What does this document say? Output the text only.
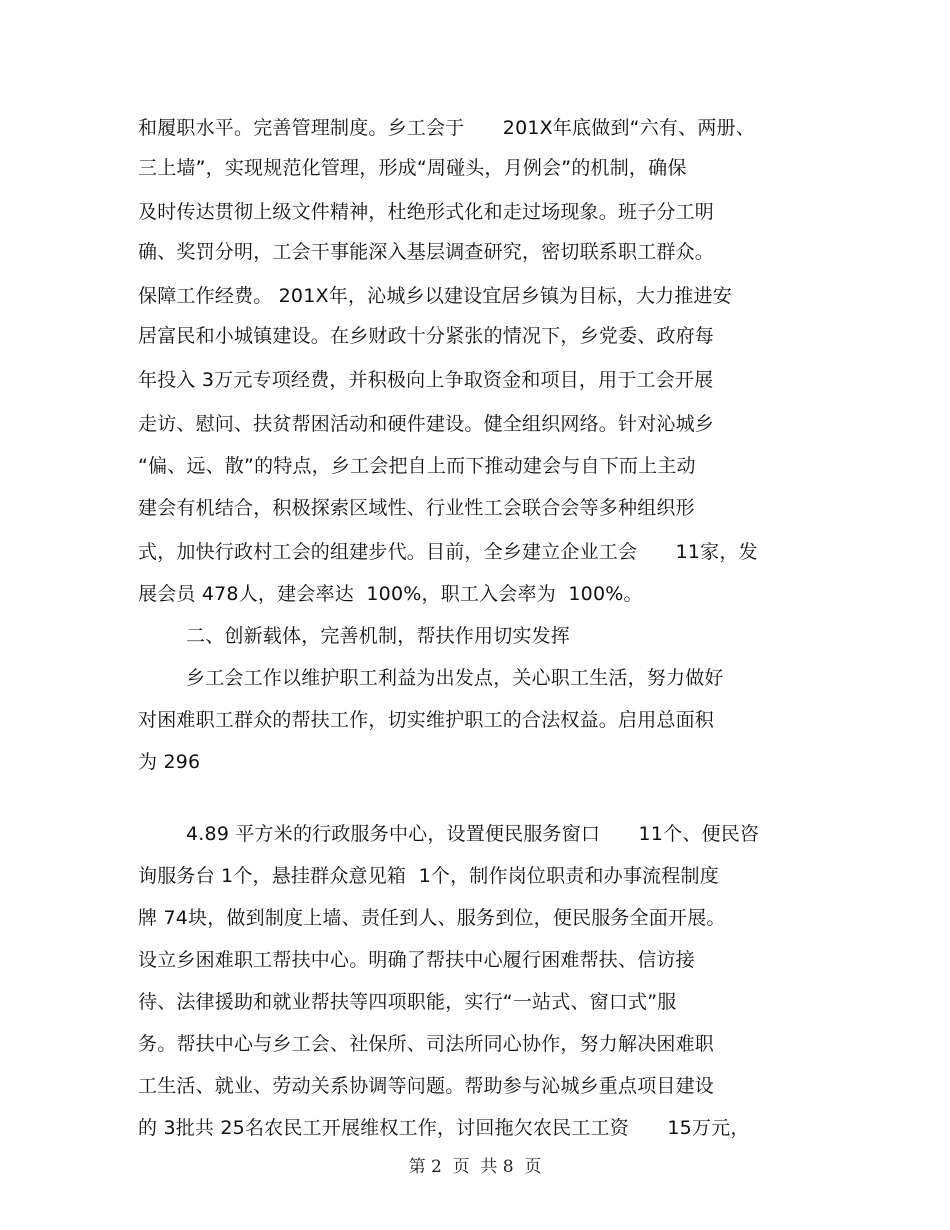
和履职水平。完善管理制度。乡工会于　　201X年底做到“六有、两册、
三上墙”，实现规范化管理，形成“周碰头，月例会”的机制，确保
及时传达贯彻上级文件精神，杜绝形式化和走过场现象。班子分工明
确、奖罚分明，工会干事能深入基层调查研究，密切联系职工群众。
保障工作经费。 201X年，沁城乡以建设宜居乡镇为目标，大力推进安
居富民和小城镇建设。在乡财政十分紧张的情况下，乡党委、政府每
年投入 3万元专项经费，并积极向上争取资金和项目，用于工会开展
走访、慰问、扶贫帮困活动和硬件建设。健全组织网络。针对沁城乡
“偏、远、散”的特点，乡工会把自上而下推动建会与自下而上主动
建会有机结合，积极探索区域性、行业性工会联合会等多种组织形
式，加快行政村工会的组建步代。目前，全乡建立企业工会　　11家，发
展会员 478人，建会率达  100%，职工入会率为  100%。
二、创新载体，完善机制，帮扶作用切实发挥
乡工会工作以维护职工利益为出发点，关心职工生活，努力做好
对困难职工群众的帮扶工作，切实维护职工的合法权益。启用总面积
为 296
4.89 平方米的行政服务中心，设置便民服务窗口　　11个、便民咨
询服务台 1个，悬挂群众意见箱  1个，制作岗位职责和办事流程制度
牌 74块，做到制度上墙、责任到人、服务到位，便民服务全面开展。
设立乡困难职工帮扶中心。明确了帮扶中心履行困难帮扶、信访接
待、法律援助和就业帮扶等四项职能，实行“一站式、窗口式”服
务。帮扶中心与乡工会、社保所、司法所同心协作，努力解决困难职
工生活、就业、劳动关系协调等问题。帮助参与沁城乡重点项目建设
的 3批共 25名农民工开展维权工作，讨回拖欠农民工工资　　15万元，
第 2  页  共 8  页
